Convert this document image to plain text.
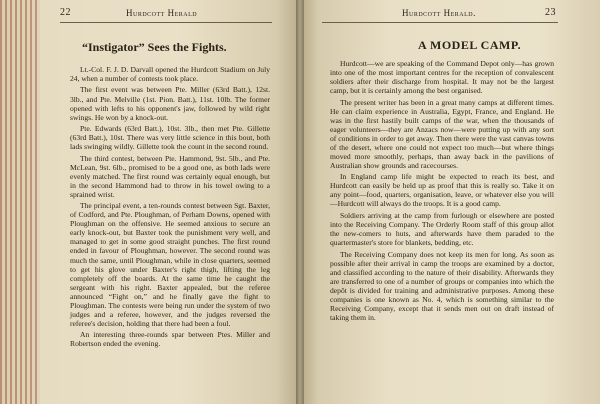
22	Hurdcott Herald
“Instigator” Sees the Fights.

Lt.-Col. F. J. D. Darvall opened the Hurdcott Stadium on July 24, when a number of contests took place.

The first event was between Pte. Miller (63rd Batt.), 12st. 3lb., and Pte. Melville (1st. Pion. Batt.), 11st. 10lb. The former opened with lefts to his opponent's jaw, followed by wild right swings. He won by a knock-out.

Pte. Edwards (63rd Batt.), 10st. 3lb., then met Pte. Gillette (63rd Batt.), 10st. There was very little science in this bout, both lads swinging wildly. Gillette took the count in the second round.

The third contest, between Pte. Hammond, 9st. 5lb., and Pte. McLean, 9st. 6lb., promised to be a good one, as both lads were evenly matched. The first round was certainly equal enough, but in the second Hammond had to throw in his towel owing to a sprained wrist.

The principal event, a ten-rounds contest between Sgt. Baxter, of Codford, and Pte. Ploughman, of Perham Downs, opened with Ploughman on the offensive. He seemed anxious to secure an early knock-out, but Baxter took the punishment very well, and managed to get in some good straight punches. The first round ended in favour of Ploughman, however. The second round was much the same, until Ploughman, while in close quarters, seemed to get his glove under Baxter's right thigh, lifting the leg completely off the boards. At the same time he caught the sergeant with his right. Baxter appealed, but the referee announced “Fight on,” and he finally gave the fight to Ploughman. The contests were being run under the system of two judges and a referee, however, and the judges reversed the referee's decision, holding that there had been a foul.

An interesting three-rounds spar between Ptes. Miller and Robertson ended the evening.

Hurdcott Herald.	23
A MODEL CAMP.

Hurdcott—we are speaking of the Command Depot only—has grown into one of the most important centres for the reception of convalescent soldiers after their discharge from hospital. It may not be the largest camp, but it is certainly among the best organised.

The present writer has been in a great many camps at different times. He can claim experience in Australia, Egypt, France, and England. He was in the first hastily built camps of the war, when the thousands of eager volunteers—they are Anzacs now—were putting up with any sort of conditions in order to get away. Then there were the vast canvas towns of the desert, where one could not expect too much—but where things moved more smoothly, perhaps, than away back in the pavilions of Australian show grounds and racecourses.

In England camp life might be expected to reach its best, and Hurdcott can easily be held up as proof that this is really so. Take it on any point—food, quarters, organisation, leave, or whatever else you will—Hurdcott will always do the troops. It is a good camp.

Soldiers arriving at the camp from furlough or elsewhere are posted into the Receiving Company. The Orderly Room staff of this group allot the new-comers to huts, and afterwards have them paraded to the quartermaster's store for blankets, bedding, etc.

The Receiving Company does not keep its men for long. As soon as possible after their arrival in camp the troops are examined by a doctor, and classified according to the nature of their disability. Afterwards they are transferred to one of a number of groups or companies into which the depôt is divided for training and administrative purposes. Among these companies is one known as No. 4, which is something similar to the Receiving Company, except that it sends men out on draft instead of taking them in.
